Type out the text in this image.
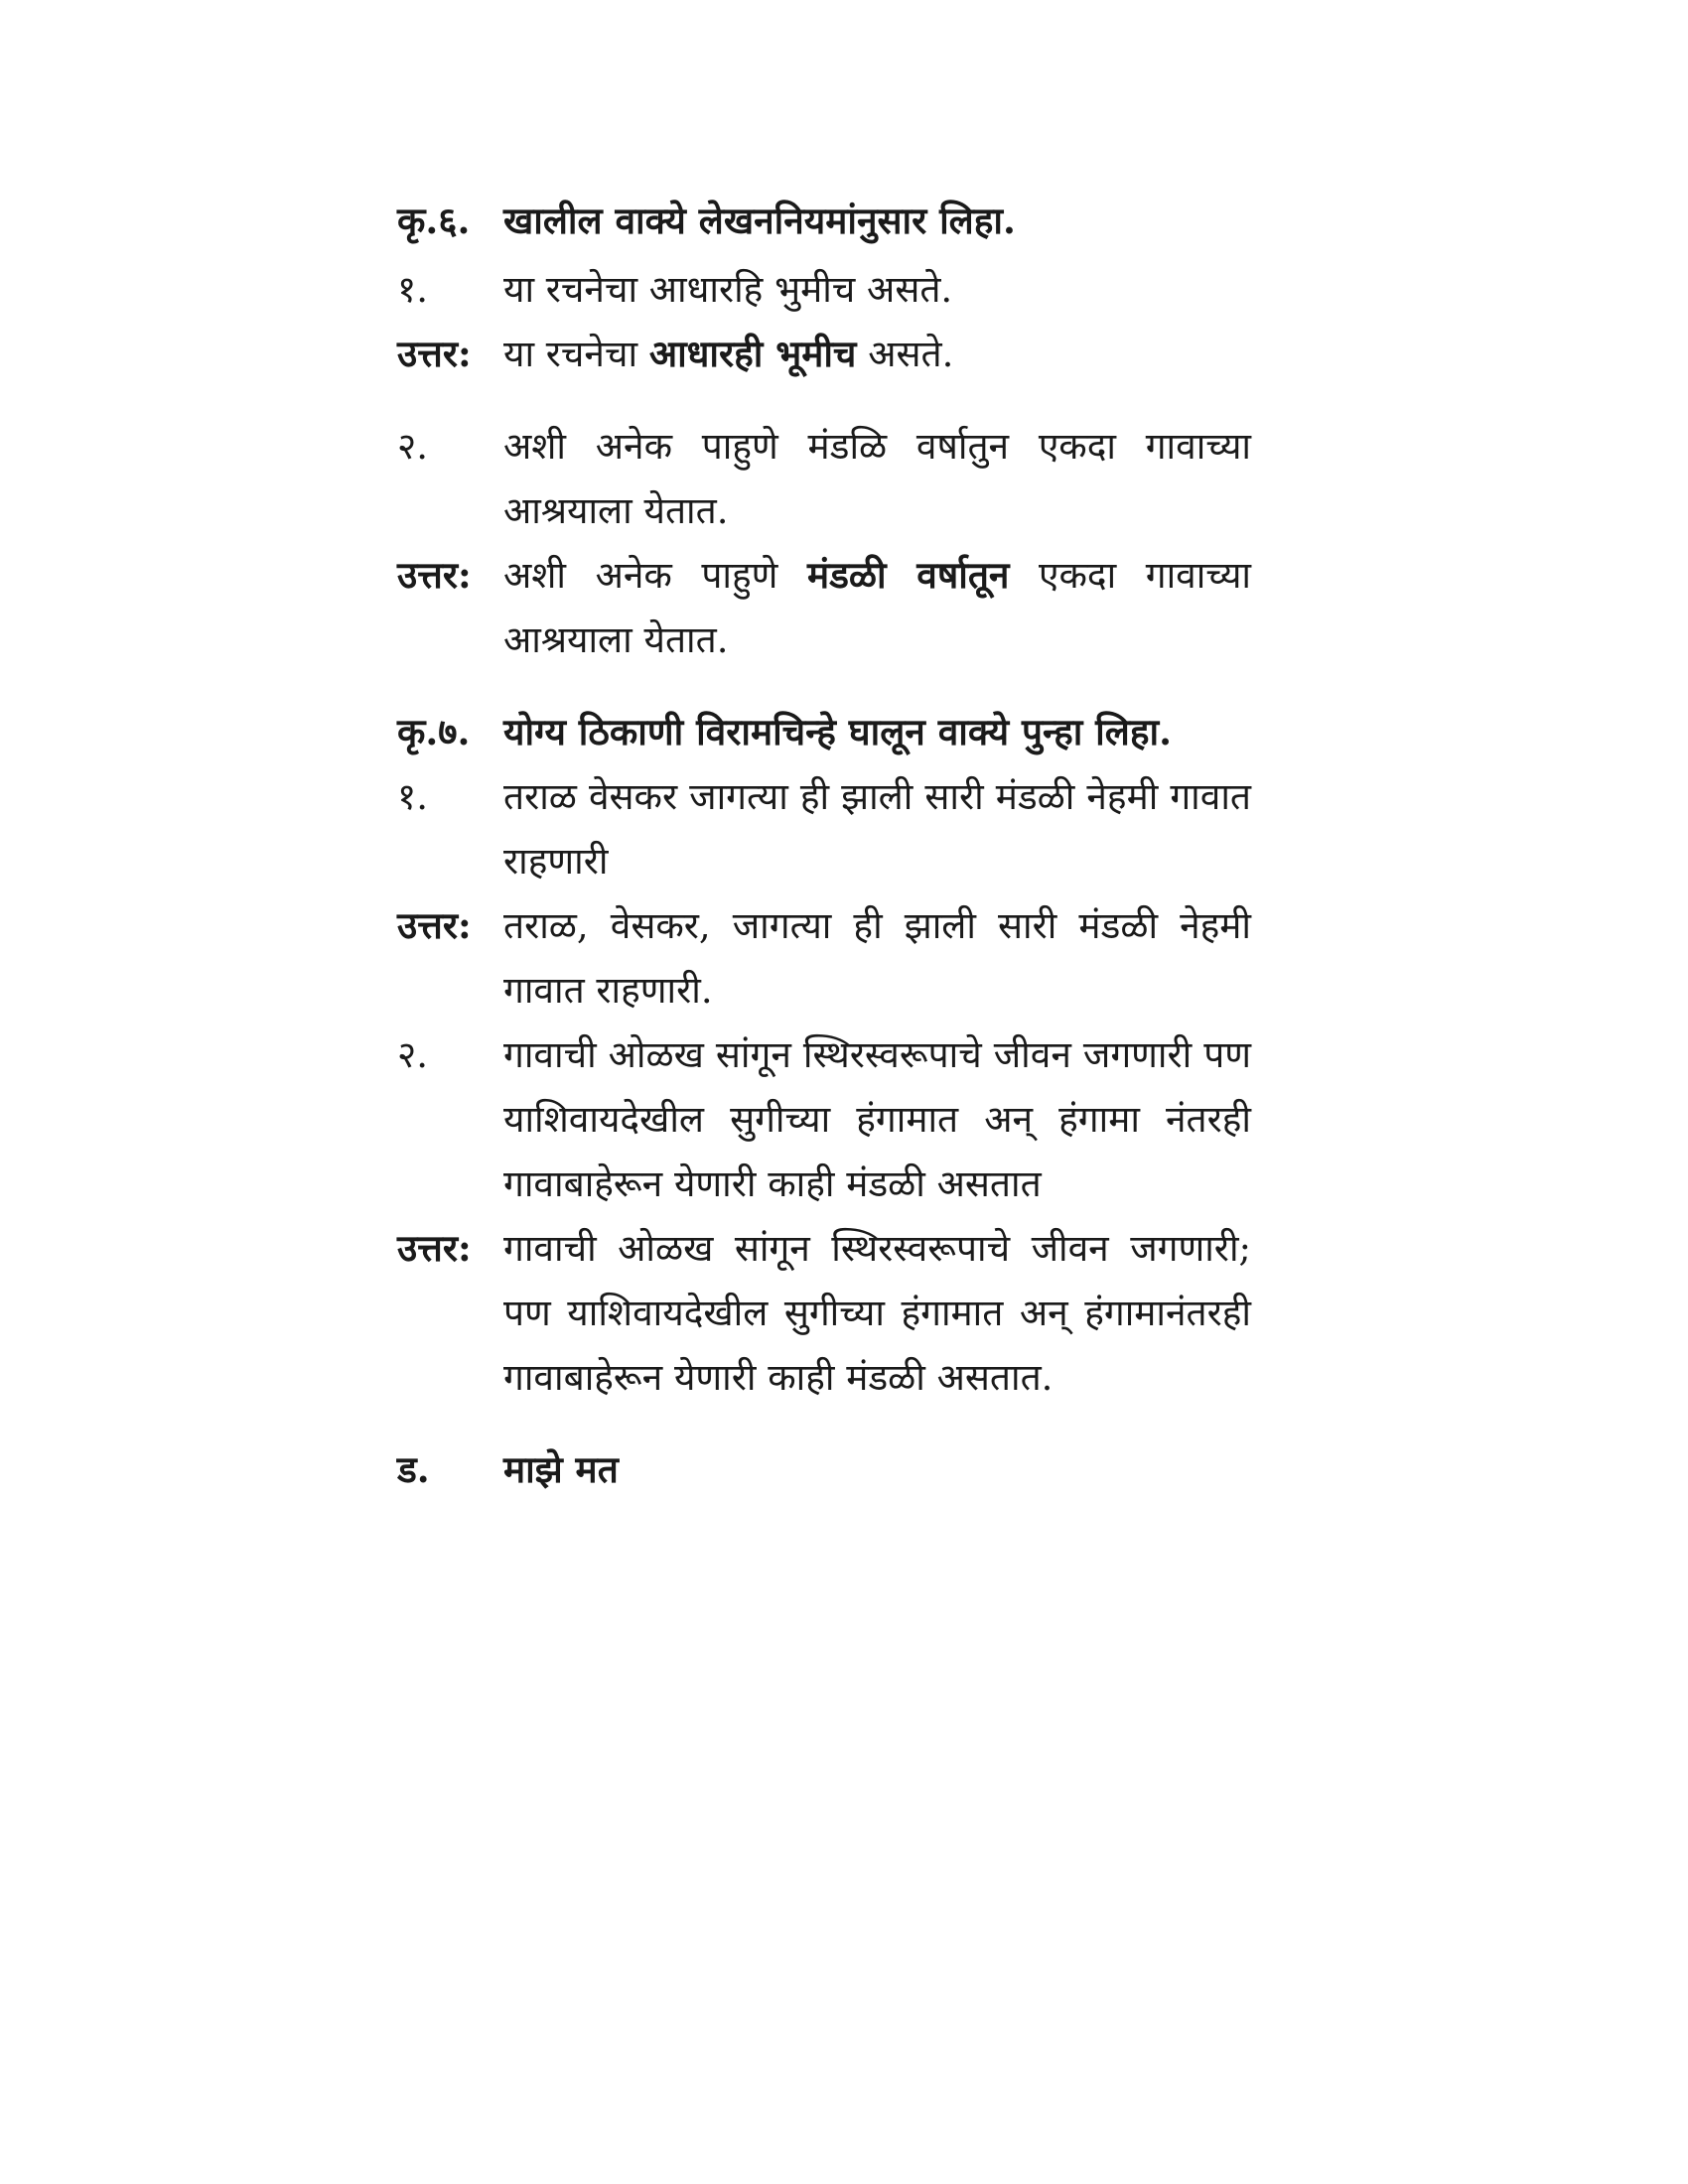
कृ.६. खालील वाक्ये लेखननियमांनुसार लिहा.
१.	या रचनेचा आधारहि भुमीच असते.
उत्तर: या रचनेचा आधारही भूमीच असते.
२.	अशी अनेक पाहुणे मंडळि वर्षातुन एकदा गावाच्या आश्रयाला येतात.
उत्तर: अशी अनेक पाहुणे मंडळी वर्षातून एकदा गावाच्या आश्रयाला येतात.
कृ.७. योग्य ठिकाणी विरामचिन्हे घालून वाक्ये पुन्हा लिहा.
१.	तराळ वेसकर जागत्या ही झाली सारी मंडळी नेहमी गावात राहणारी
उत्तर: तराळ, वेसकर, जागत्या ही झाली सारी मंडळी नेहमी गावात राहणारी.
२.	गावाची ओळख सांगून स्थिरस्वरूपाचे जीवन जगणारी पण याशिवायदेखील सुगीच्या हंगामात अन् हंगामा नंतरही गावाबाहेरून येणारी काही मंडळी असतात
उत्तर: गावाची ओळख सांगून स्थिरस्वरूपाचे जीवन जगणारी; पण याशिवायदेखील सुगीच्या हंगामात अन् हंगामानंतरही गावाबाहेरून येणारी काही मंडळी असतात.
ड.	माझे मत
